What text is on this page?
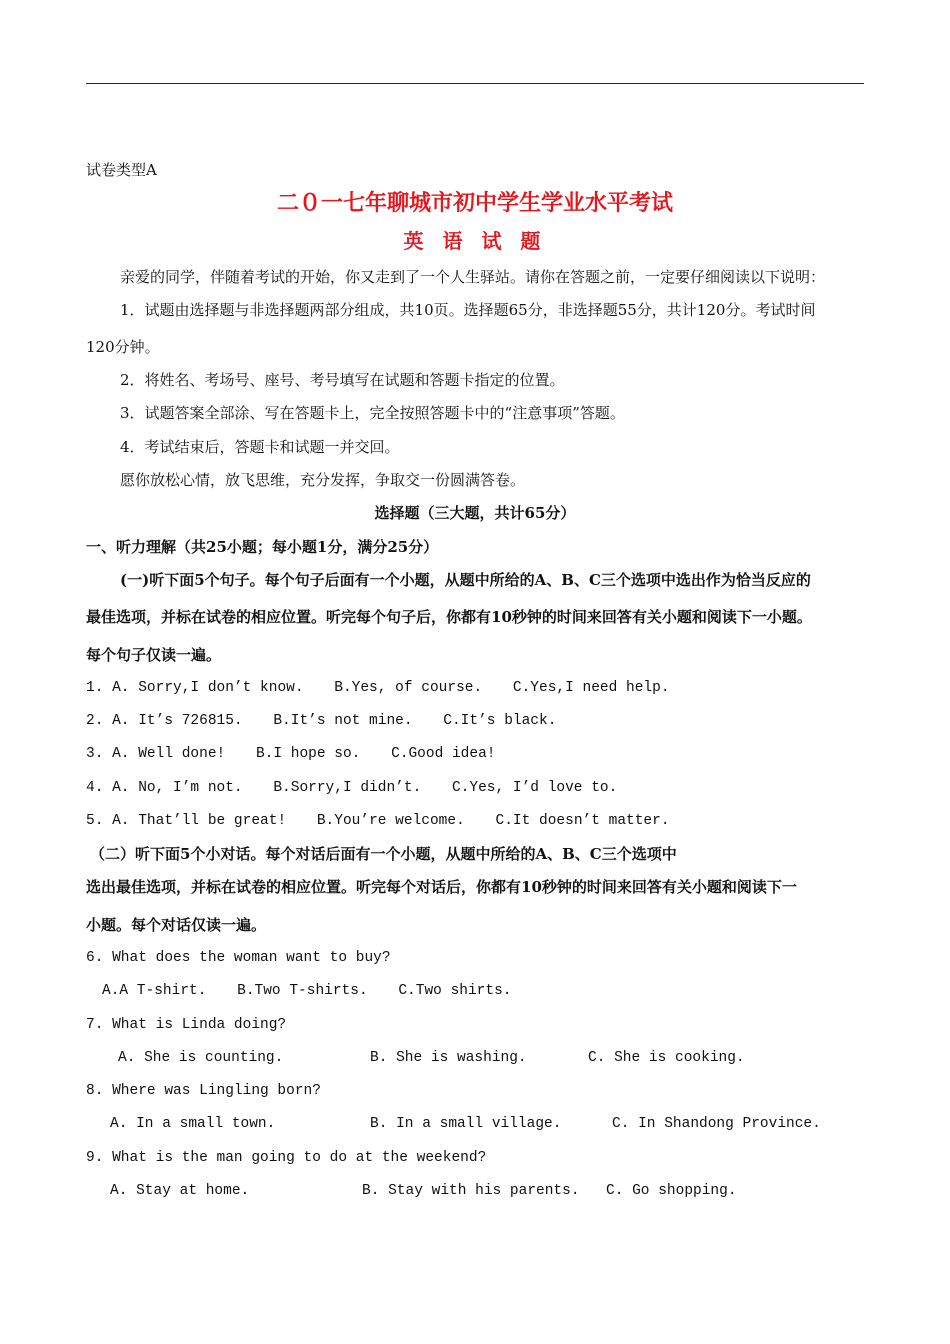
试卷类型A
二０一七年聊城市初中学生学业水平考试
英 语 试 题
亲爱的同学，伴随着考试的开始，你又走到了一个人生驿站。请你在答题之前，一定要仔细阅读以下说明：
1．试题由选择题与非选择题两部分组成，共10页。选择题65分，非选择题55分，共计120分。考试时间
120分钟。
2．将姓名、考场号、座号、考号填写在试题和答题卡指定的位置。
3．试题答案全部涂、写在答题卡上，完全按照答题卡中的“注意事项”答题。
4．考试结束后，答题卡和试题一并交回。
愿你放松心情，放飞思维，充分发挥，争取交一份圆满答卷。
选择题（三大题，共计65分）
一、听力理解（共25小题；每小题1分，满分25分）
(一)听下面5个句子。每个句子后面有一个小题，从题中所给的A、B、C三个选项中选出作为恰当反应的
最佳选项，并标在试卷的相应位置。听完每个句子后，你都有10秒钟的时间来回答有关小题和阅读下一小题。
每个句子仅读一遍。
1. A. Sorry,I don’t know. B.Yes, of course. C.Yes,I need help.
2. A. It’s 726815. B.It’s not mine. C.It’s black.
3. A. Well done! B.I hope so. C.Good idea!
4. A. No, I’m not. B.Sorry,I didn’t. C.Yes, I’d love to.
5. A. That’ll be great! B.You’re welcome. C.It doesn’t matter.
（二）听下面5个小对话。每个对话后面有一个小题，从题中所给的A、B、C三个选项中
选出最佳选项，并标在试卷的相应位置。听完每个对话后，你都有10秒钟的时间来回答有关小题和阅读下一
小题。每个对话仅读一遍。
6. What does the woman want to buy?
A.A T-shirt. B.Two T-shirts. C.Two shirts.
7. What is Linda doing?
A. She is counting.	B. She is washing.	C. She is cooking.
8. Where was Lingling born?
A. In a small town.	B. In a small village.	C. In Shandong Province.
9. What is the man going to do at the weekend?
A. Stay at home.	B. Stay with his parents. C. Go shopping.
